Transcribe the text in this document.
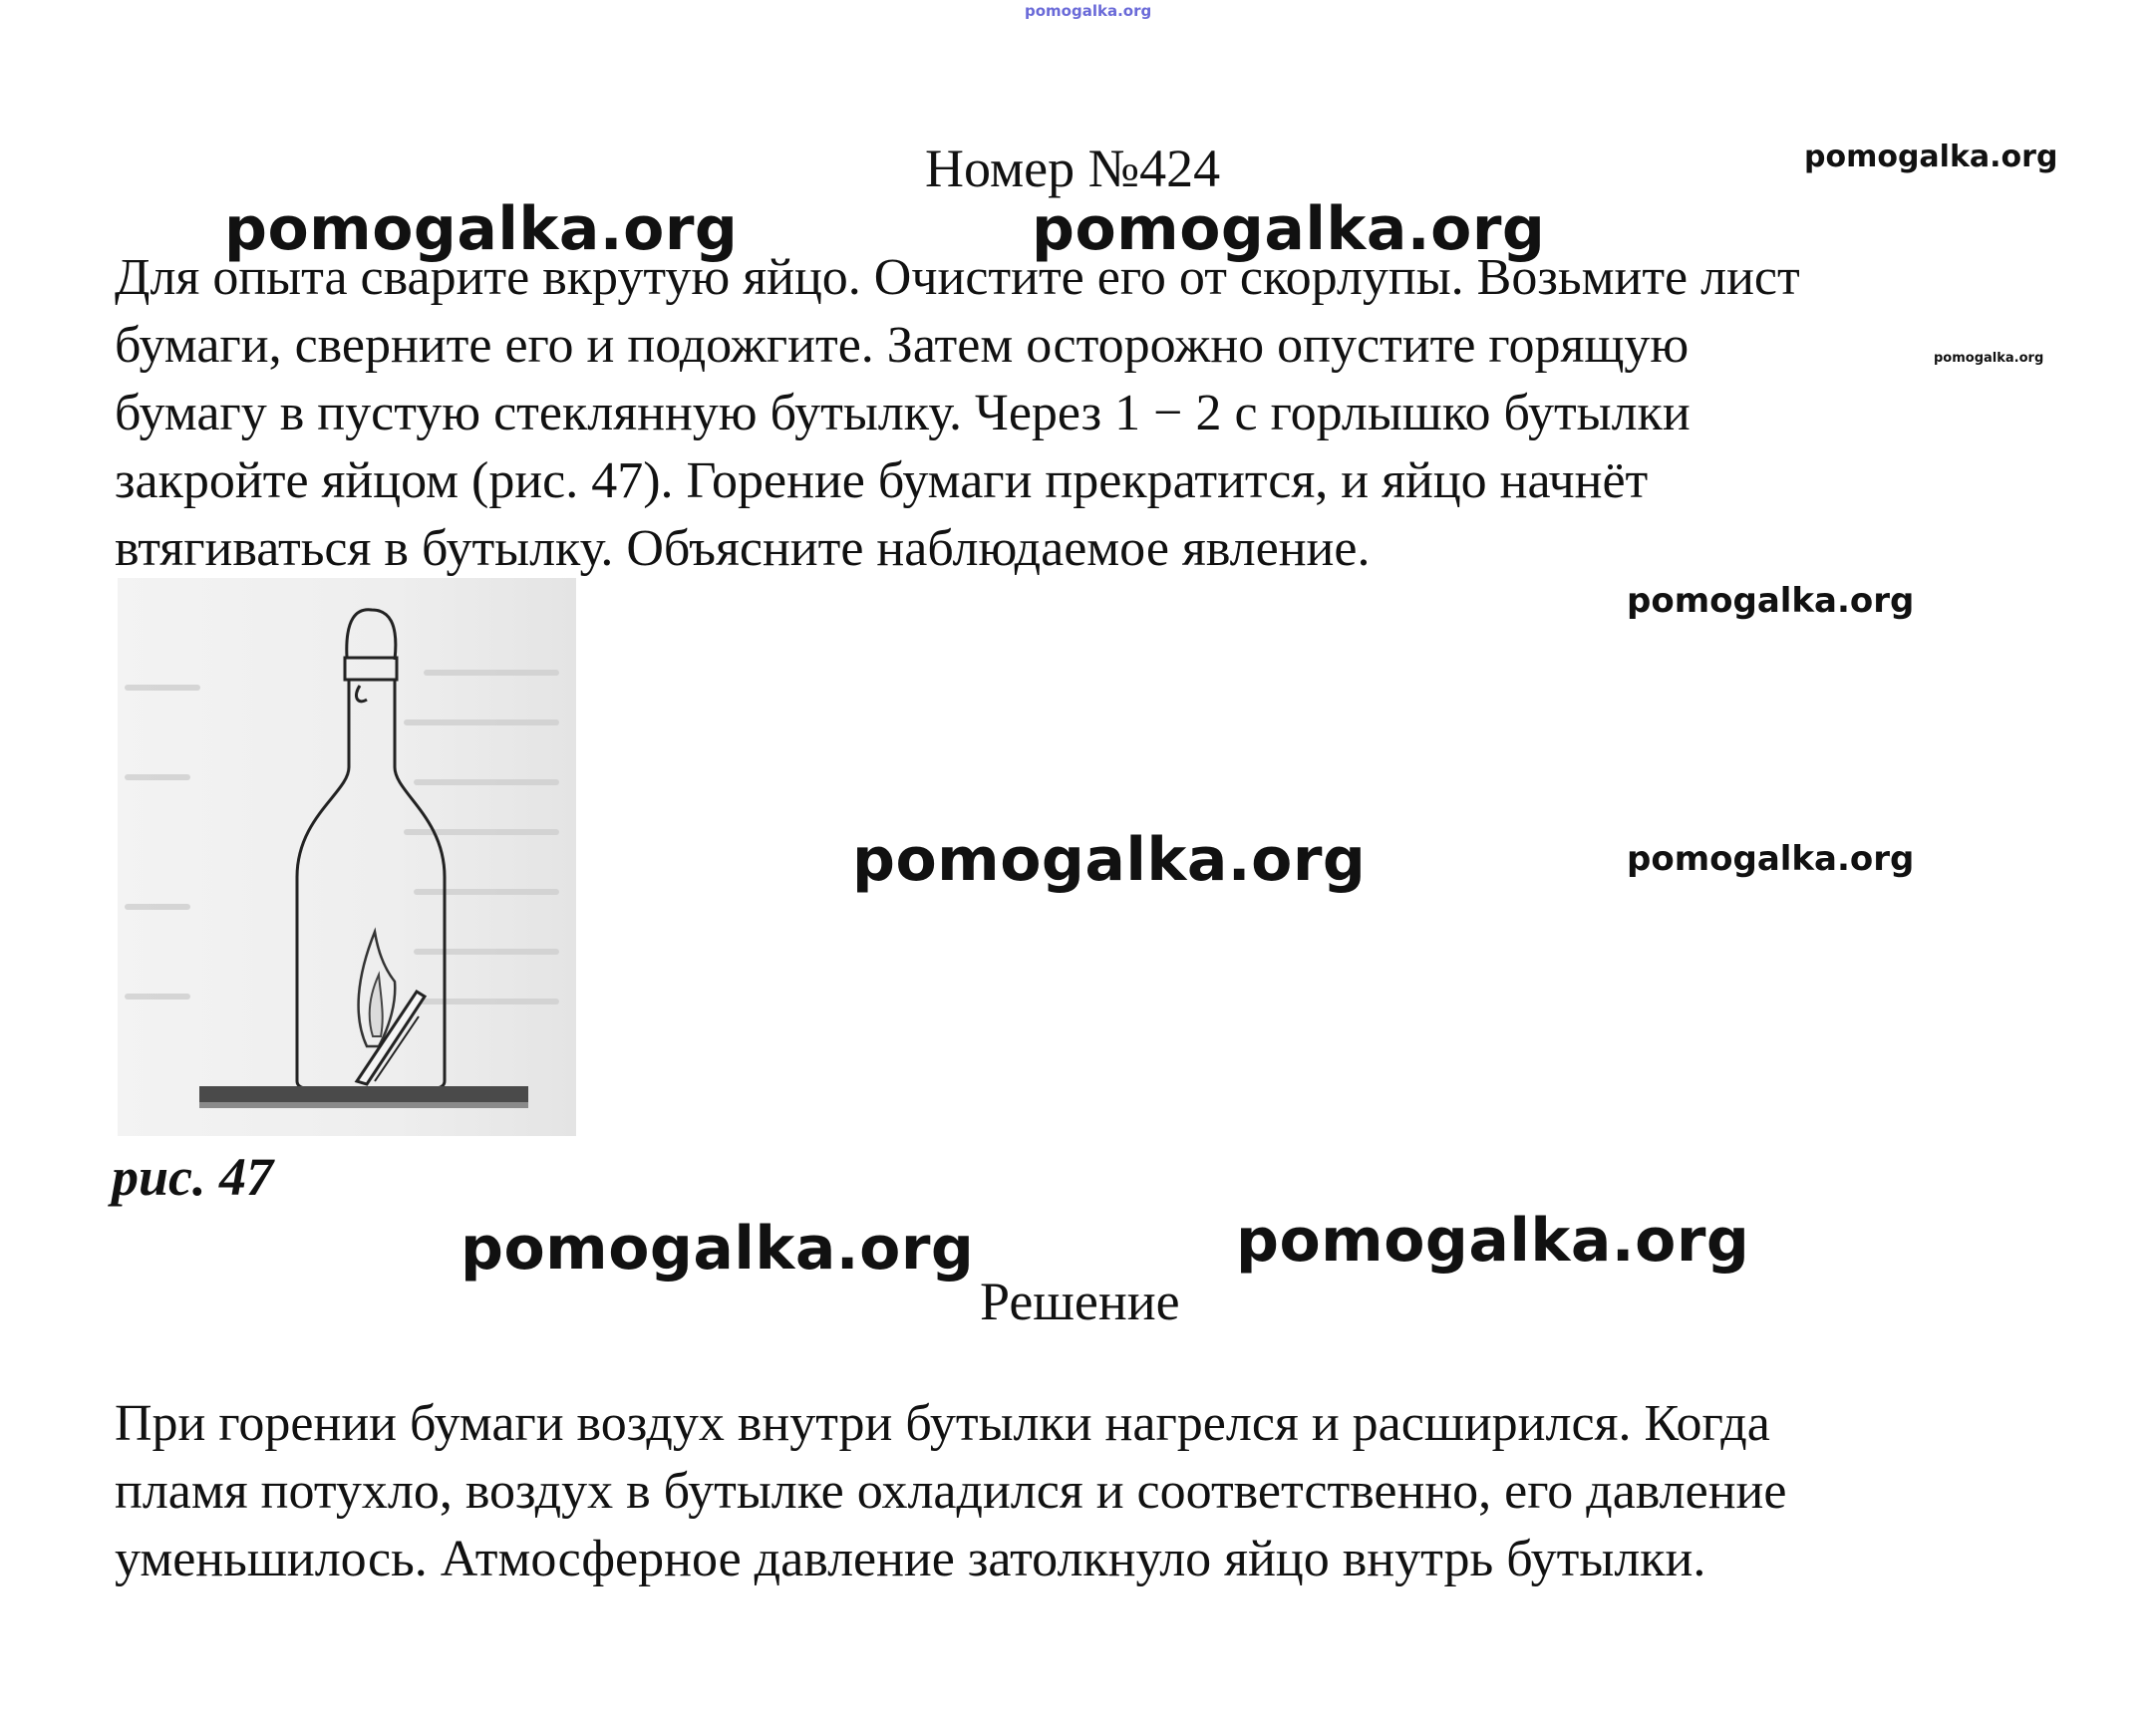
pomogalka.org
Номер №424	pomogalka.org
pomogalka.org	pomogalka.org
pomogalka.org
pomogalka.org
pomogalka.org	pomogalka.org
pomogalka.org	pomogalka.org
Для опыта сварите вкрутую яйцо. Очистите его от скорлупы. Возьмите лист
бумаги, сверните его и подожгите. Затем осторожно опустите горящую
бумагу в пустую стеклянную бутылку. Через 1 − 2 с горлышко бутылки
закройте яйцом (рис. 47). Горение бумаги прекратится, и яйцо начнёт
втягиваться в бутылку. Объясните наблюдаемое явление.
рис. 47
Решение
При горении бумаги воздух внутри бутылки нагрелся и расширился. Когда
пламя потухло, воздух в бутылке охладился и соответственно, его давление
уменьшилось. Атмосферное давление затолкнуло яйцо внутрь бутылки.
